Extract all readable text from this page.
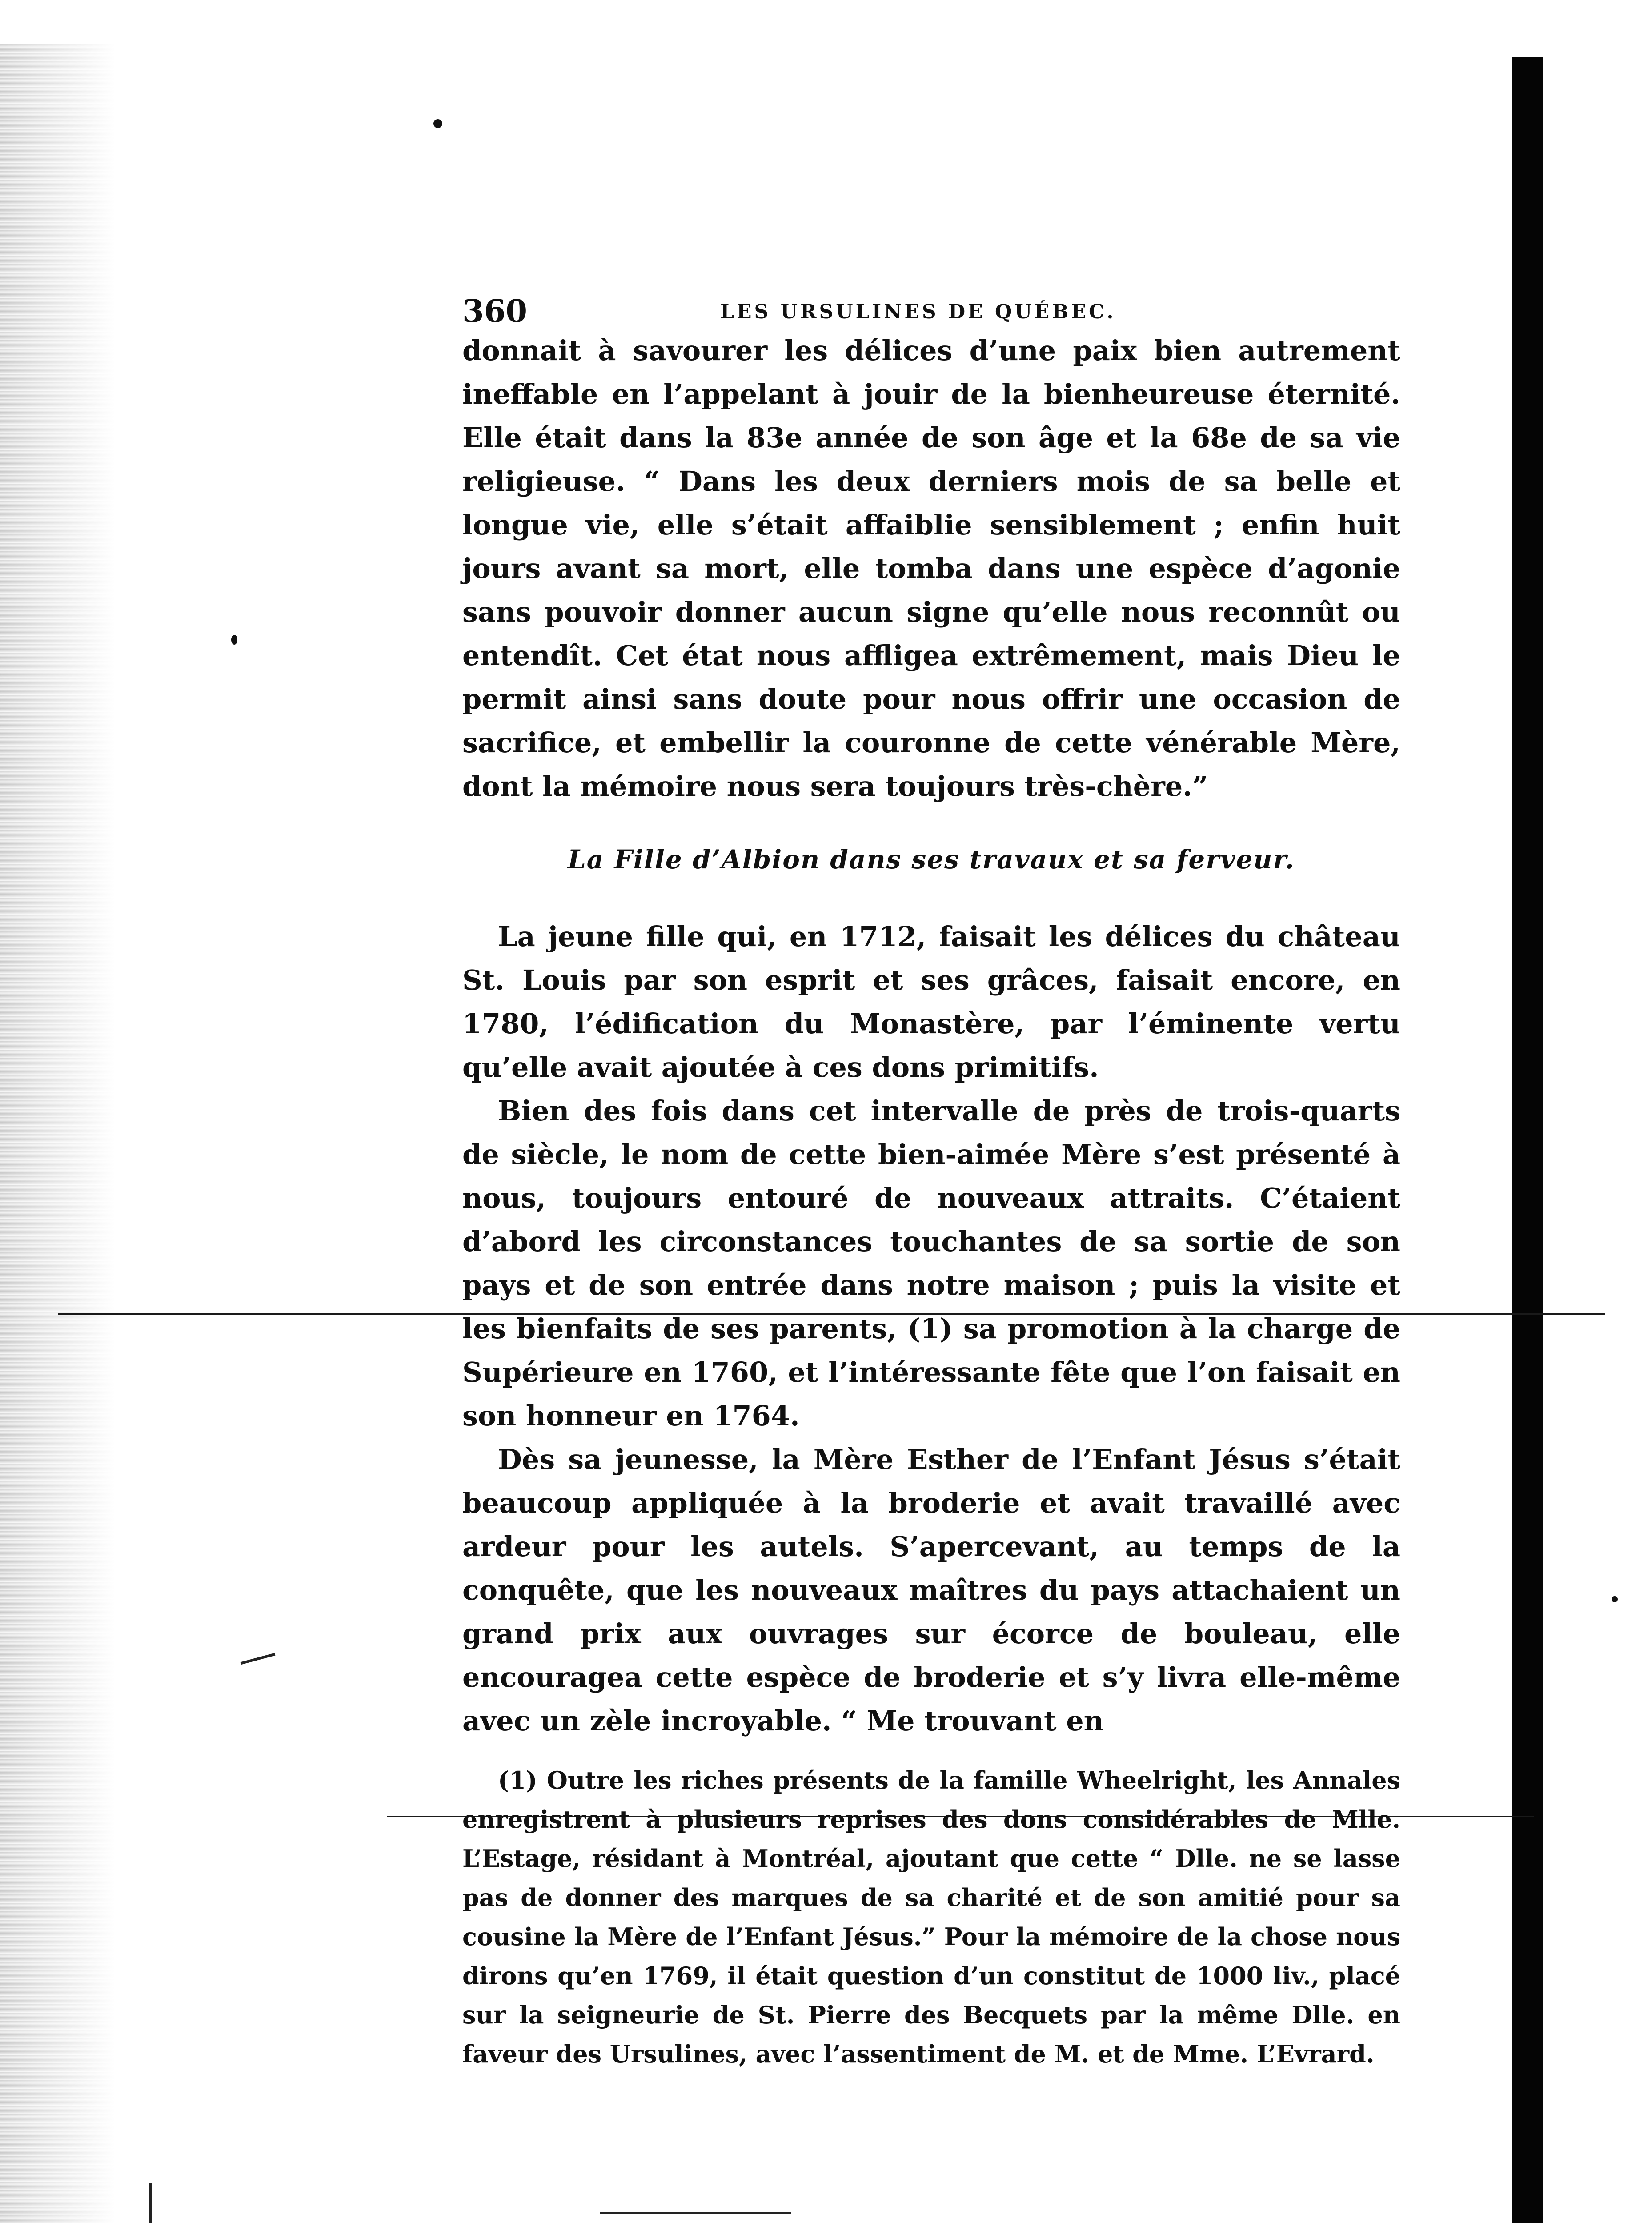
360	LES URSULINES DE QUÉBEC.

donnait à savourer les délices d’une paix bien autrement ineffable en l’appelant à jouir de la bienheureuse éternité. Elle était dans la 83e année de son âge et la 68e de sa vie religieuse. “ Dans les deux derniers mois de sa belle et longue vie, elle s’était affaiblie sensiblement ; enfin huit jours avant sa mort, elle tomba dans une espèce d’agonie sans pouvoir donner aucun signe qu’elle nous reconnût ou entendît. Cet état nous affligea extrêmement, mais Dieu le permit ainsi sans doute pour nous offrir une occasion de sacrifice, et embellir la couronne de cette vénérable Mère, dont la mémoire nous sera toujours très-chère.”

La Fille d’Albion dans ses travaux et sa ferveur.

La jeune fille qui, en 1712, faisait les délices du château St. Louis par son esprit et ses grâces, faisait encore, en 1780, l’édification du Monastère, par l’éminente vertu qu’elle avait ajoutée à ces dons primitifs.

Bien des fois dans cet intervalle de près de trois-quarts de siècle, le nom de cette bien-aimée Mère s’est présenté à nous, toujours entouré de nouveaux attraits. C’étaient d’abord les circonstances touchantes de sa sortie de son pays et de son entrée dans notre maison ; puis la visite et les bienfaits de ses parents, (1) sa promotion à la charge de Supérieure en 1760, et l’intéressante fête que l’on faisait en son honneur en 1764.

Dès sa jeunesse, la Mère Esther de l’Enfant Jésus s’était beaucoup appliquée à la broderie et avait travaillé avec ardeur pour les autels. S’apercevant, au temps de la conquête, que les nouveaux maîtres du pays attachaient un grand prix aux ouvrages sur écorce de bouleau, elle encouragea cette espèce de broderie et s’y livra elle-même avec un zèle incroyable. “ Me trouvant en

(1) Outre les riches présents de la famille Wheelright, les Annales enregistrent à plusieurs reprises des dons considérables de Mlle. L’Estage, résidant à Montréal, ajoutant que cette “ Dlle. ne se lasse pas de donner des marques de sa charité et de son amitié pour sa cousine la Mère de l’Enfant Jésus.” Pour la mémoire de la chose nous dirons qu’en 1769, il était question d’un constitut de 1000 liv., placé sur la seigneurie de St. Pierre des Becquets par la même Dlle. en faveur des Ursulines, avec l’assentiment de M. et de Mme. L’Evrard.
